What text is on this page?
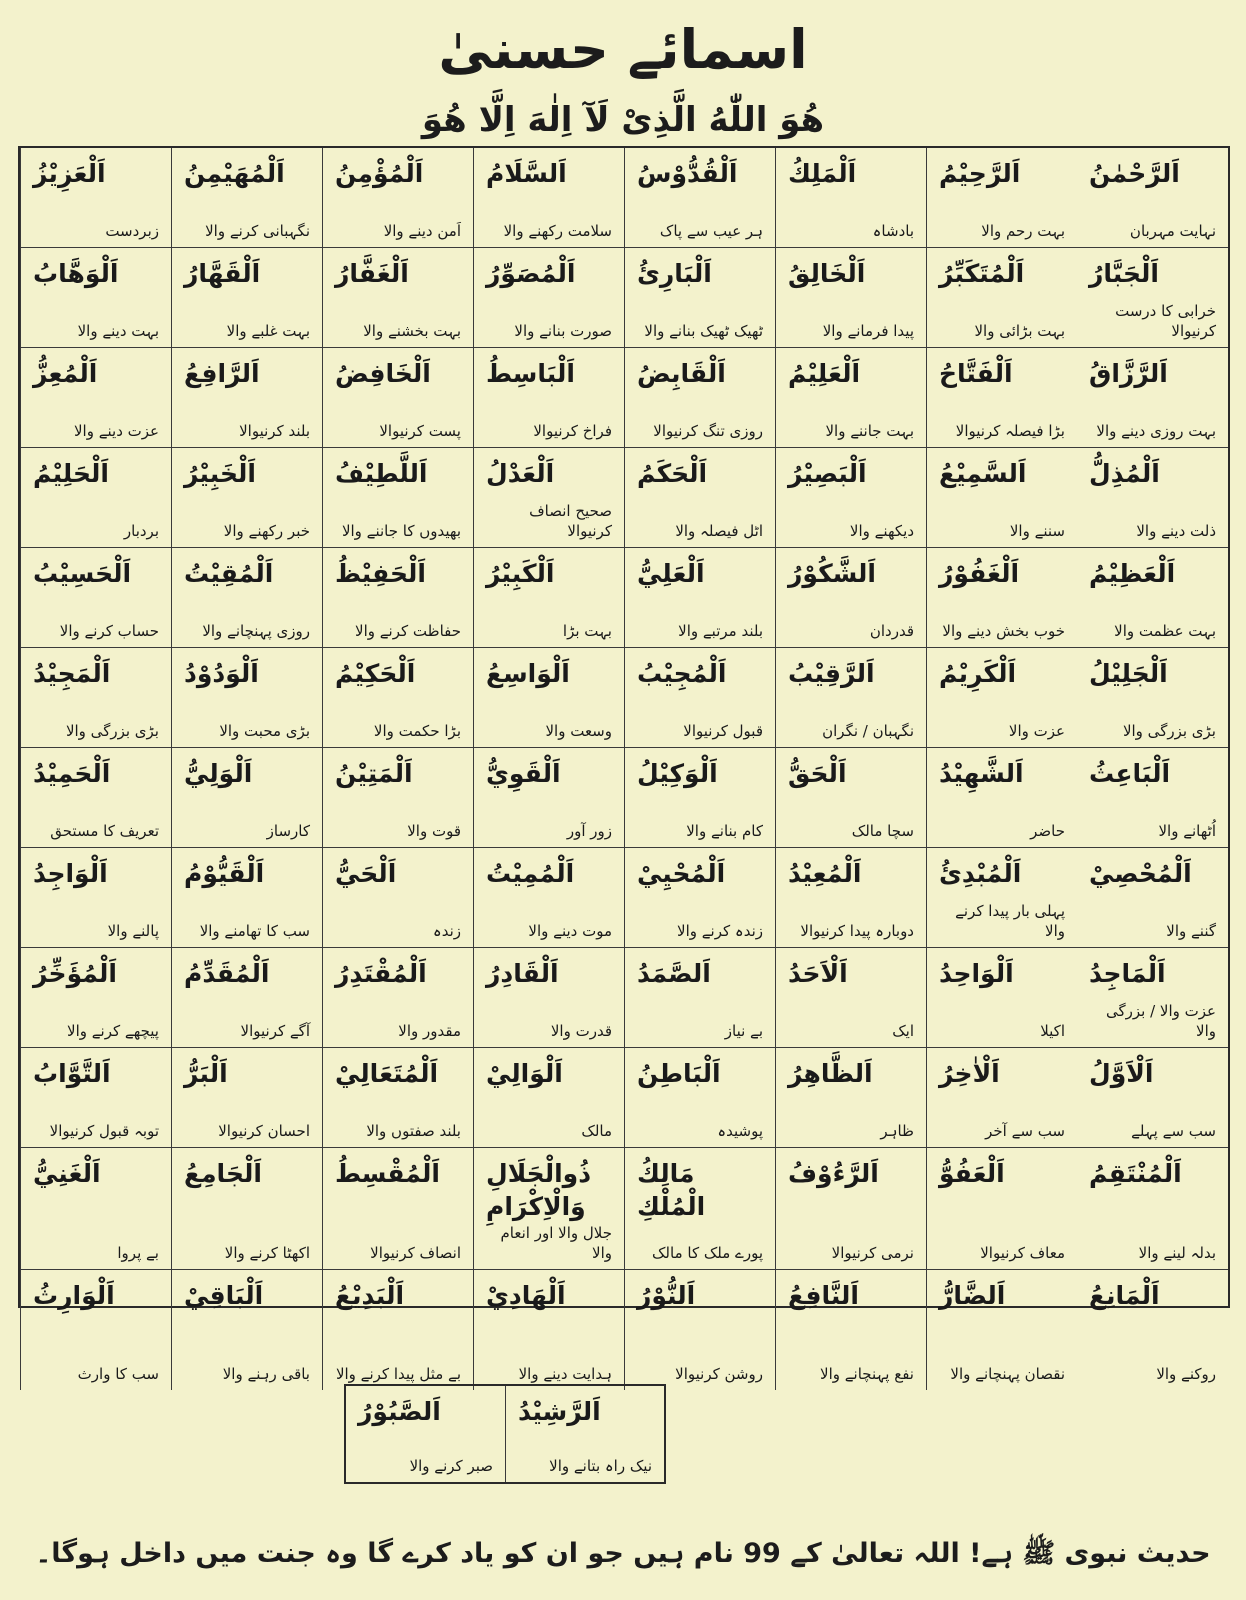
اسمائے حسنیٰ
هُوَ اللّٰهُ الَّذِیْ لَآ اِلٰهَ اِلَّا هُوَ
اَلرَّحْمٰنُ
نہایت مہربان
اَلرَّحِيْمُ
بہت رحم والا
اَلْمَلِكُ
بادشاہ
اَلْقُدُّوْسُ
ہر عیب سے پاک
اَلسَّلَامُ
سلامت رکھنے والا
اَلْمُؤْمِنُ
اَمن دینے والا
اَلْمُهَيْمِنُ
نگہبانی کرنے والا
اَلْعَزِيْزُ
زبردست
اَلْجَبَّارُ
خرابی کا درست کرنیوالا
اَلْمُتَكَبِّرُ
بہت بڑائی والا
اَلْخَالِقُ
پیدا فرمانے والا
اَلْبَارِئُ
ٹھیک ٹھیک بنانے والا
اَلْمُصَوِّرُ
صورت بنانے والا
اَلْغَفَّارُ
بہت بخشنے والا
اَلْقَهَّارُ
بہت غلبے والا
اَلْوَهَّابُ
بہت دینے والا
اَلرَّزَّاقُ
بہت روزی دینے والا
اَلْفَتَّاحُ
بڑا فیصلہ کرنیوالا
اَلْعَلِيْمُ
بہت جاننے والا
اَلْقَابِضُ
روزی تنگ کرنیوالا
اَلْبَاسِطُ
فراخ کرنیوالا
اَلْخَافِضُ
پست کرنیوالا
اَلرَّافِعُ
بلند کرنیوالا
اَلْمُعِزُّ
عزت دینے والا
اَلْمُذِلُّ
ذلت دینے والا
اَلسَّمِيْعُ
سننے والا
اَلْبَصِيْرُ
دیکھنے والا
اَلْحَكَمُ
اٹل فیصلہ والا
اَلْعَدْلُ
صحیح انصاف کرنیوالا
اَللَّطِيْفُ
بھیدوں کا جاننے والا
اَلْخَبِيْرُ
خبر رکھنے والا
اَلْحَلِيْمُ
بردبار
اَلْعَظِيْمُ
بہت عظمت والا
اَلْغَفُوْرُ
خوب بخش دینے والا
اَلشَّكُوْرُ
قدردان
اَلْعَلِيُّ
بلند مرتبے والا
اَلْكَبِيْرُ
بہت بڑا
اَلْحَفِيْظُ
حفاظت کرنے والا
اَلْمُقِيْتُ
روزی پہنچانے والا
اَلْحَسِيْبُ
حساب کرنے والا
اَلْجَلِيْلُ
بڑی بزرگی والا
اَلْكَرِيْمُ
عزت والا
اَلرَّقِيْبُ
نگہبان / نگران
اَلْمُجِيْبُ
قبول کرنیوالا
اَلْوَاسِعُ
وسعت والا
اَلْحَكِيْمُ
بڑا حکمت والا
اَلْوَدُوْدُ
بڑی محبت والا
اَلْمَجِيْدُ
بڑی بزرگی والا
اَلْبَاعِثُ
اُٹھانے والا
اَلشَّهِيْدُ
حاضر
اَلْحَقُّ
سچا مالک
اَلْوَكِيْلُ
کام بنانے والا
اَلْقَوِيُّ
زور آور
اَلْمَتِيْنُ
قوت والا
اَلْوَلِيُّ
کارساز
اَلْحَمِيْدُ
تعریف کا مستحق
اَلْمُحْصِيْ
گننے والا
اَلْمُبْدِئُ
پہلی بار پیدا کرنے والا
اَلْمُعِيْدُ
دوبارہ پیدا کرنیوالا
اَلْمُحْيِيْ
زندہ کرنے والا
اَلْمُمِيْتُ
موت دینے والا
اَلْحَيُّ
زندہ
اَلْقَيُّوْمُ
سب کا تھامنے والا
اَلْوَاجِدُ
پالنے والا
اَلْمَاجِدُ
عزت والا / بزرگی والا
اَلْوَاحِدُ
اکیلا
اَلْاَحَدُ
ایک
اَلصَّمَدُ
بے نیاز
اَلْقَادِرُ
قدرت والا
اَلْمُقْتَدِرُ
مقدور والا
اَلْمُقَدِّمُ
آگے کرنیوالا
اَلْمُؤَخِّرُ
پیچھے کرنے والا
اَلْاَوَّلُ
سب سے پہلے
اَلْاٰخِرُ
سب سے آخر
اَلظَّاهِرُ
ظاہر
اَلْبَاطِنُ
پوشیدہ
اَلْوَالِيْ
مالک
اَلْمُتَعَالِيْ
بلند صفتوں والا
اَلْبَرُّ
احسان کرنیوالا
اَلتَّوَّابُ
توبہ قبول کرنیوالا
اَلْمُنْتَقِمُ
بدلہ لینے والا
اَلْعَفُوُّ
معاف کرنیوالا
اَلرَّءُوْفُ
نرمی کرنیوالا
مَالِكُ الْمُلْكِ
پورے ملک کا مالک
ذُوالْجَلَالِ
وَالْاِكْرَامِ
جلال والا اور انعام والا
اَلْمُقْسِطُ
انصاف کرنیوالا
اَلْجَامِعُ
اکھٹا کرنے والا
اَلْغَنِيُّ
بے پروا
اَلْمَانِعُ
روکنے والا
اَلضَّارُّ
نقصان پہنچانے والا
اَلنَّافِعُ
نفع پہنچانے والا
اَلنُّوْرُ
روشن کرنیوالا
اَلْهَادِيْ
ہدایت دینے والا
اَلْبَدِيْعُ
بے مثل پیدا کرنے والا
اَلْبَاقِيْ
باقی رہنے والا
اَلْوَارِثُ
سب کا وارث
اَلرَّشِيْدُ
نیک راہ بتانے والا
اَلصَّبُوْرُ
صبر کرنے والا
حدیث نبوی ﷺ ہے! اللہ تعالیٰ کے 99 نام ہیں جو ان کو یاد کرے گا وہ جنت میں داخل ہوگا۔
